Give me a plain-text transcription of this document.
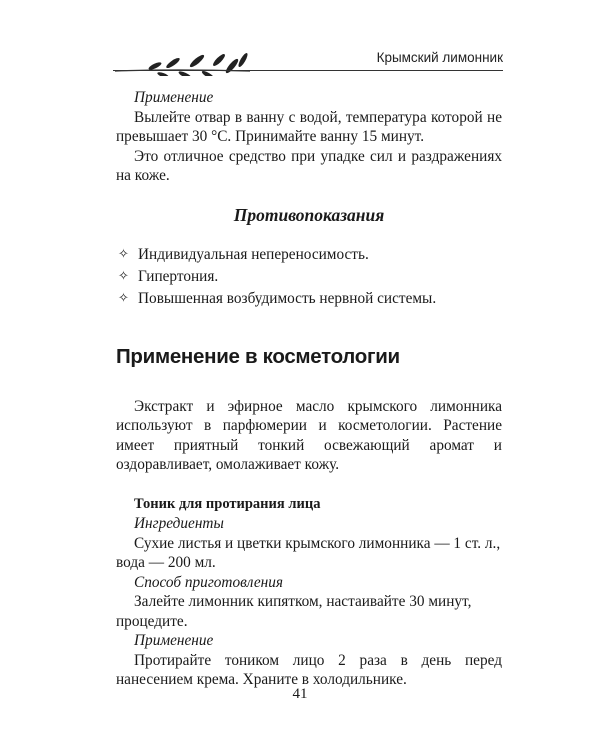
Крымский лимонник

Применение

Вылейте отвар в ванну с водой, температура которой не превышает 30 °С. Принимайте ванну 15 минут.

Это отличное средство при упадке сил и раздражениях на коже.

Противопоказания

✧ Индивидуальная непереносимость.
✧ Гипертония.
✧ Повышенная возбудимость нервной системы.

Применение в косметологии

Экстракт и эфирное масло крымского лимонника используют в парфюмерии и косметологии. Растение имеет приятный тонкий освежающий аромат и оздоравливает, омолаживает кожу.

Тоник для протирания лица

Ингредиенты

Сухие листья и цветки крымского лимонника — 1 ст. л., вода — 200 мл.

Способ приготовления

Залейте лимонник кипятком, настаивайте 30 минут, процедите.

Применение

Протирайте тоником лицо 2 раза в день перед нанесением крема. Храните в холодильнике.

41
